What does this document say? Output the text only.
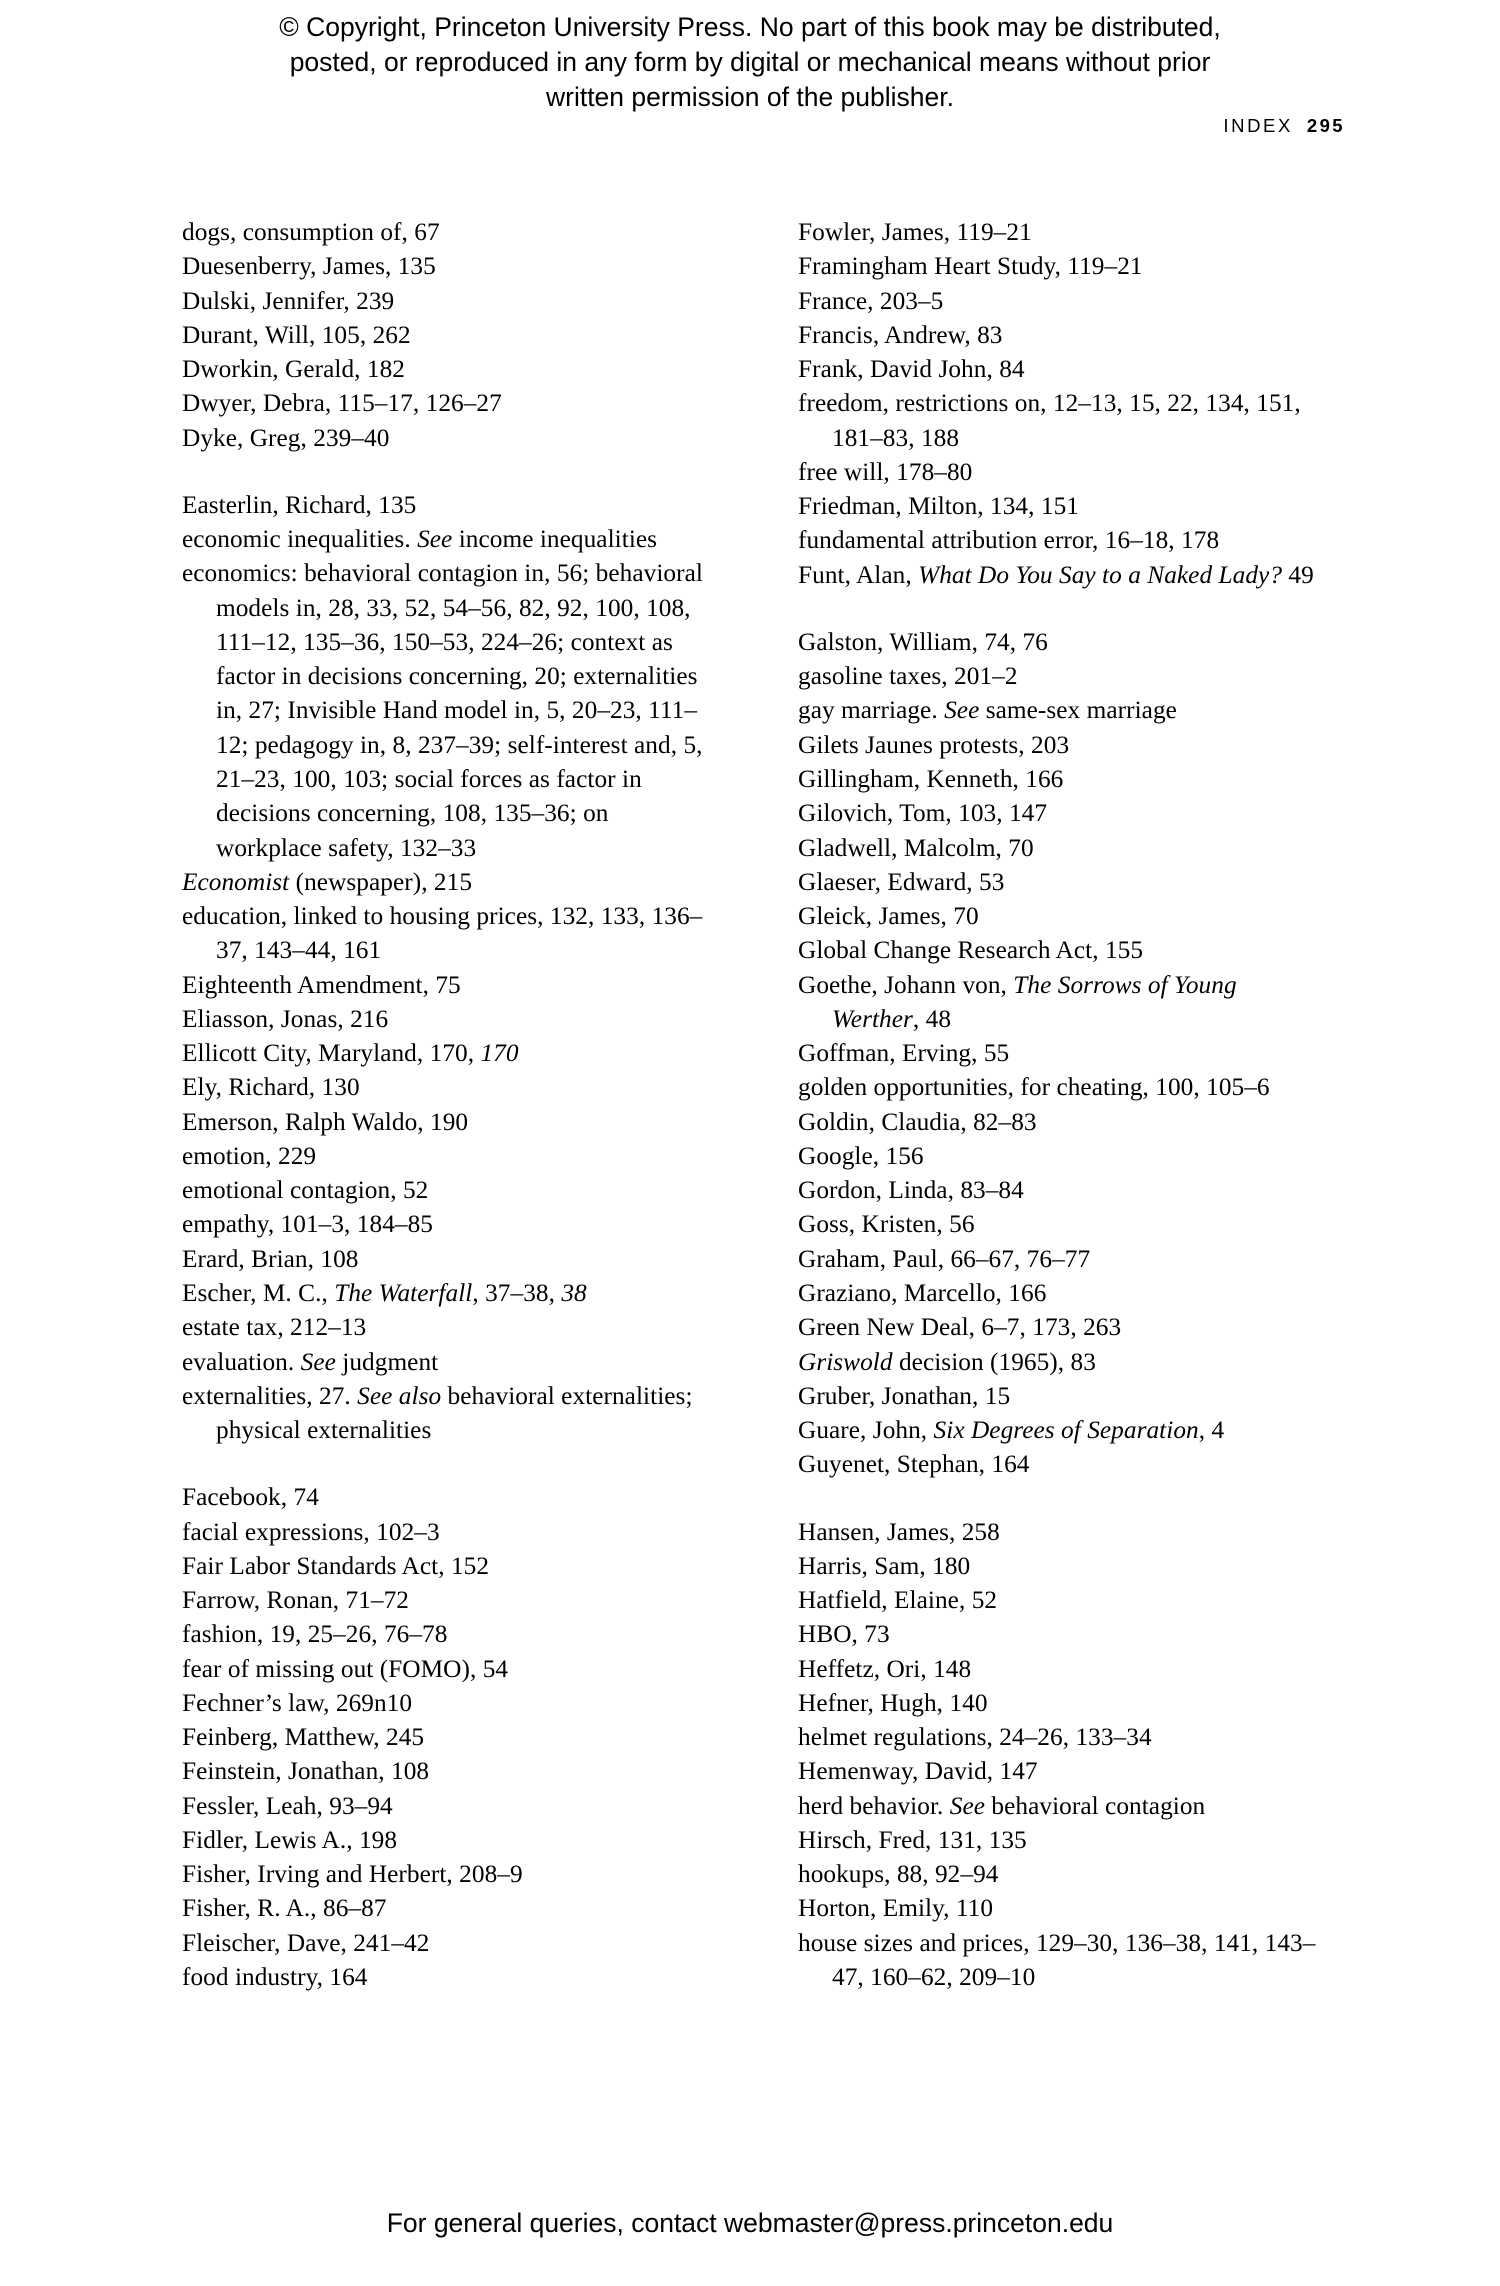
© Copyright, Princeton University Press. No part of this book may be distributed, posted, or reproduced in any form by digital or mechanical means without prior written permission of the publisher.
INDEX 295
dogs, consumption of, 67
Duesenberry, James, 135
Dulski, Jennifer, 239
Durant, Will, 105, 262
Dworkin, Gerald, 182
Dwyer, Debra, 115–17, 126–27
Dyke, Greg, 239–40
Easterlin, Richard, 135
economic inequalities. See income inequalities
economics: behavioral contagion in, 56; behavioral models in, 28, 33, 52, 54–56, 82, 92, 100, 108, 111–12, 135–36, 150–53, 224–26; context as factor in decisions concerning, 20; externalities in, 27; Invisible Hand model in, 5, 20–23, 111–12; pedagogy in, 8, 237–39; self-interest and, 5, 21–23, 100, 103; social forces as factor in decisions concerning, 108, 135–36; on workplace safety, 132–33
Economist (newspaper), 215
education, linked to housing prices, 132, 133, 136–37, 143–44, 161
Eighteenth Amendment, 75
Eliasson, Jonas, 216
Ellicott City, Maryland, 170, 170
Ely, Richard, 130
Emerson, Ralph Waldo, 190
emotion, 229
emotional contagion, 52
empathy, 101–3, 184–85
Erard, Brian, 108
Escher, M. C., The Waterfall, 37–38, 38
estate tax, 212–13
evaluation. See judgment
externalities, 27. See also behavioral externalities; physical externalities
Facebook, 74
facial expressions, 102–3
Fair Labor Standards Act, 152
Farrow, Ronan, 71–72
fashion, 19, 25–26, 76–78
fear of missing out (FOMO), 54
Fechner’s law, 269n10
Feinberg, Matthew, 245
Feinstein, Jonathan, 108
Fessler, Leah, 93–94
Fidler, Lewis A., 198
Fisher, Irving and Herbert, 208–9
Fisher, R. A., 86–87
Fleischer, Dave, 241–42
food industry, 164
Fowler, James, 119–21
Framingham Heart Study, 119–21
France, 203–5
Francis, Andrew, 83
Frank, David John, 84
freedom, restrictions on, 12–13, 15, 22, 134, 151, 181–83, 188
free will, 178–80
Friedman, Milton, 134, 151
fundamental attribution error, 16–18, 178
Funt, Alan, What Do You Say to a Naked Lady? 49
Galston, William, 74, 76
gasoline taxes, 201–2
gay marriage. See same-sex marriage
Gilets Jaunes protests, 203
Gillingham, Kenneth, 166
Gilovich, Tom, 103, 147
Gladwell, Malcolm, 70
Glaeser, Edward, 53
Gleick, James, 70
Global Change Research Act, 155
Goethe, Johann von, The Sorrows of Young Werther, 48
Goffman, Erving, 55
golden opportunities, for cheating, 100, 105–6
Goldin, Claudia, 82–83
Google, 156
Gordon, Linda, 83–84
Goss, Kristen, 56
Graham, Paul, 66–67, 76–77
Graziano, Marcello, 166
Green New Deal, 6–7, 173, 263
Griswold decision (1965), 83
Gruber, Jonathan, 15
Guare, John, Six Degrees of Separation, 4
Guyenet, Stephan, 164
Hansen, James, 258
Harris, Sam, 180
Hatfield, Elaine, 52
HBO, 73
Heffetz, Ori, 148
Hefner, Hugh, 140
helmet regulations, 24–26, 133–34
Hemenway, David, 147
herd behavior. See behavioral contagion
Hirsch, Fred, 131, 135
hookups, 88, 92–94
Horton, Emily, 110
house sizes and prices, 129–30, 136–38, 141, 143–47, 160–62, 209–10
For general queries, contact webmaster@press.princeton.edu
